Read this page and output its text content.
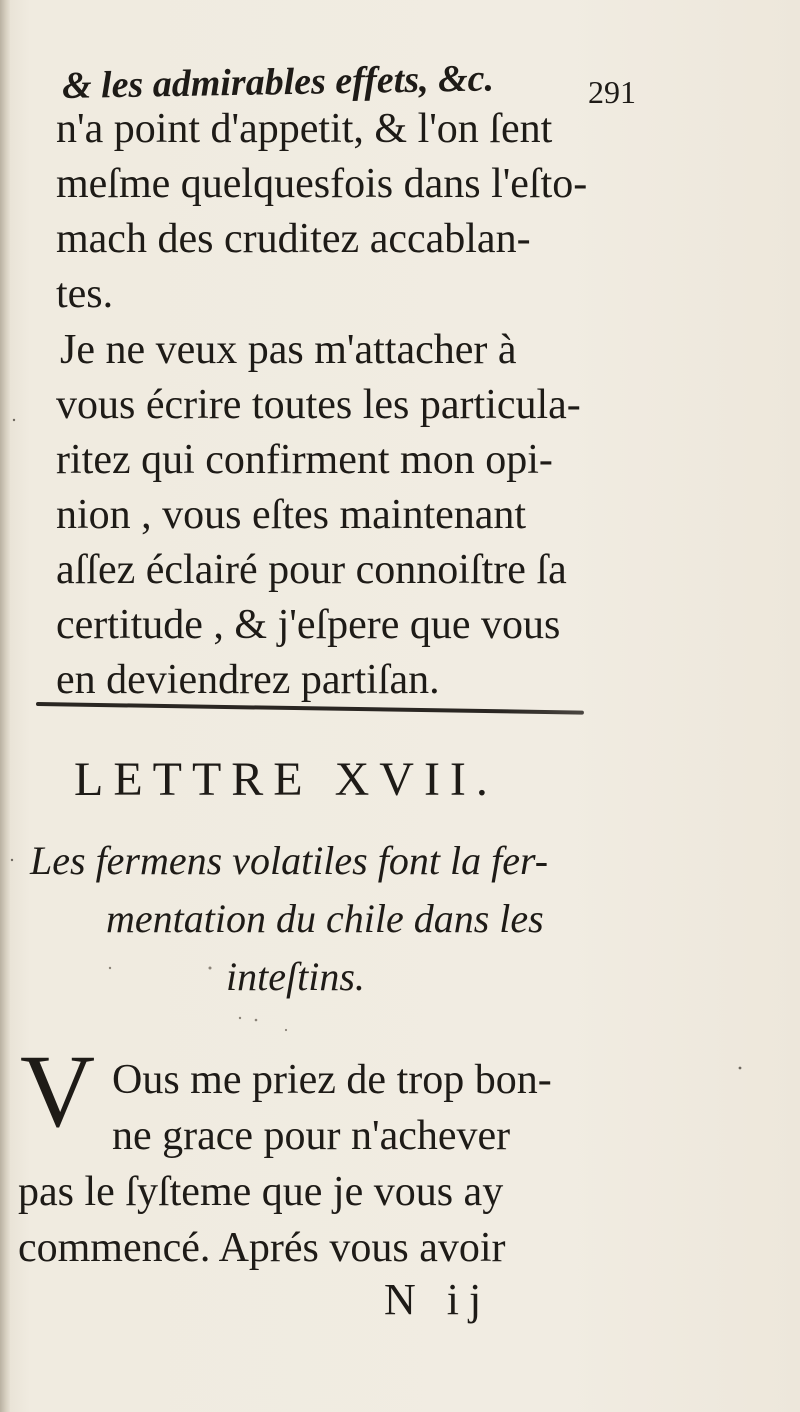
& les admirables effets, &c.	291
n'a point d'appetit, & l'on ſent
meſme quelquesfois dans l'eſto-
mach des cruditez accablan-
tes.
Je ne veux pas m'attacher à
vous écrire toutes les particula-
ritez qui confirment mon opi-
nion , vous eſtes maintenant
aſſez éclairé pour connoiſtre ſa
certitude , & j'eſpere que vous
en deviendrez partiſan.
LETTRE XVII.
Les fermens volatiles font la fer-
mentation du chile dans les
inteſtins.
V Ous me priez de trop bon-
ne grace pour n'achever
pas le ſyſteme que je vous ay
commencé. Aprés vous avoir
N ij
